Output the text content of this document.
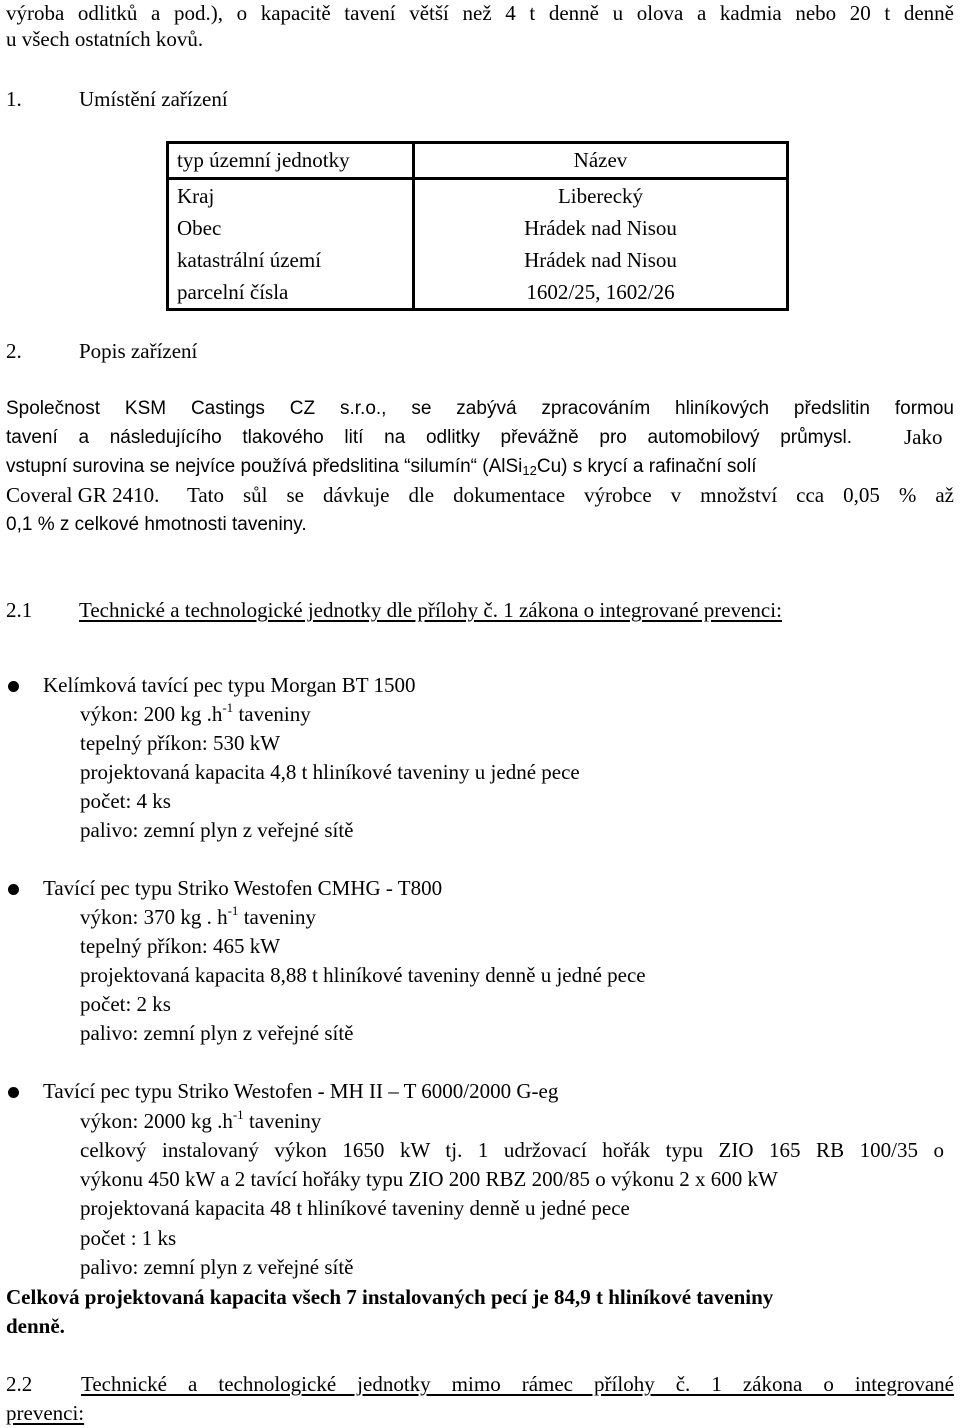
výroba odlitků a pod.), o kapacitě tavení větší než 4 t denně u olova a kadmia nebo 20 t denně
u všech ostatních kovů.
1.	Umístění zařízení
typ územní jednotky	Název
Kraj	Liberecký
Obec	Hrádek nad Nisou
katastrální území	Hrádek nad Nisou
parcelní čísla	1602/25, 1602/26
2.	Popis zařízení
Společnost KSM Castings CZ s.r.o., se zabývá zpracováním hliníkových předslitin formou
tavení a následujícího tlakového lití na odlitky převážně pro automobilový průmysl. Jako
vstupní surovina se nejvíce používá předslitina “silumín“ (AlSi$_{12}$Cu) s krycí a rafinační solí
Coveral GR 2410. Tato sůl se dávkuje dle dokumentace výrobce v množství cca 0,05 % až
0,1 % z celkové hmotnosti taveniny.
2.1 Technické a technologické jednotky dle přílohy č. 1 zákona o integrované prevenci:
Kelímková tavící pec typu Morgan BT 1500
výkon: 200 kg $.h^{-1}$ taveniny
tepelný příkon: 530 kW
projektovaná kapacita 4,8 t hliníkové taveniny u jedné pece
počet: 4 ks
palivo: zemní plyn z veřejné sítě
Tavící pec typu Striko Westofen CMHG - T800
výkon: 370 kg . $h^{-1}$ taveniny
tepelný příkon: 465 kW
projektovaná kapacita 8,88 t hliníkové taveniny denně u jedné pece
počet: 2 ks
palivo: zemní plyn z veřejné sítě
Tavící pec typu Striko Westofen - MH II – T 6000/2000 G-eg
výkon: 2000 kg $.h^{-1}$ taveniny
celkový instalovaný výkon 1650 kW tj. 1 udržovací hořák typu ZIO 165 RB 100/35 o
výkonu 450 kW a 2 tavící hořáky typu ZIO 200 RBZ 200/85 o výkonu 2 x 600 kW
projektovaná kapacita 48 t hliníkové taveniny denně u jedné pece
počet : 1 ks
palivo: zemní plyn z veřejné sítě
Celková projektovaná kapacita všech 7 instalovaných pecí je 84,9 t hliníkové taveniny
denně.
2.2 Technické a technologické jednotky mimo rámec přílohy č. 1 zákona o integrované
prevenci:
